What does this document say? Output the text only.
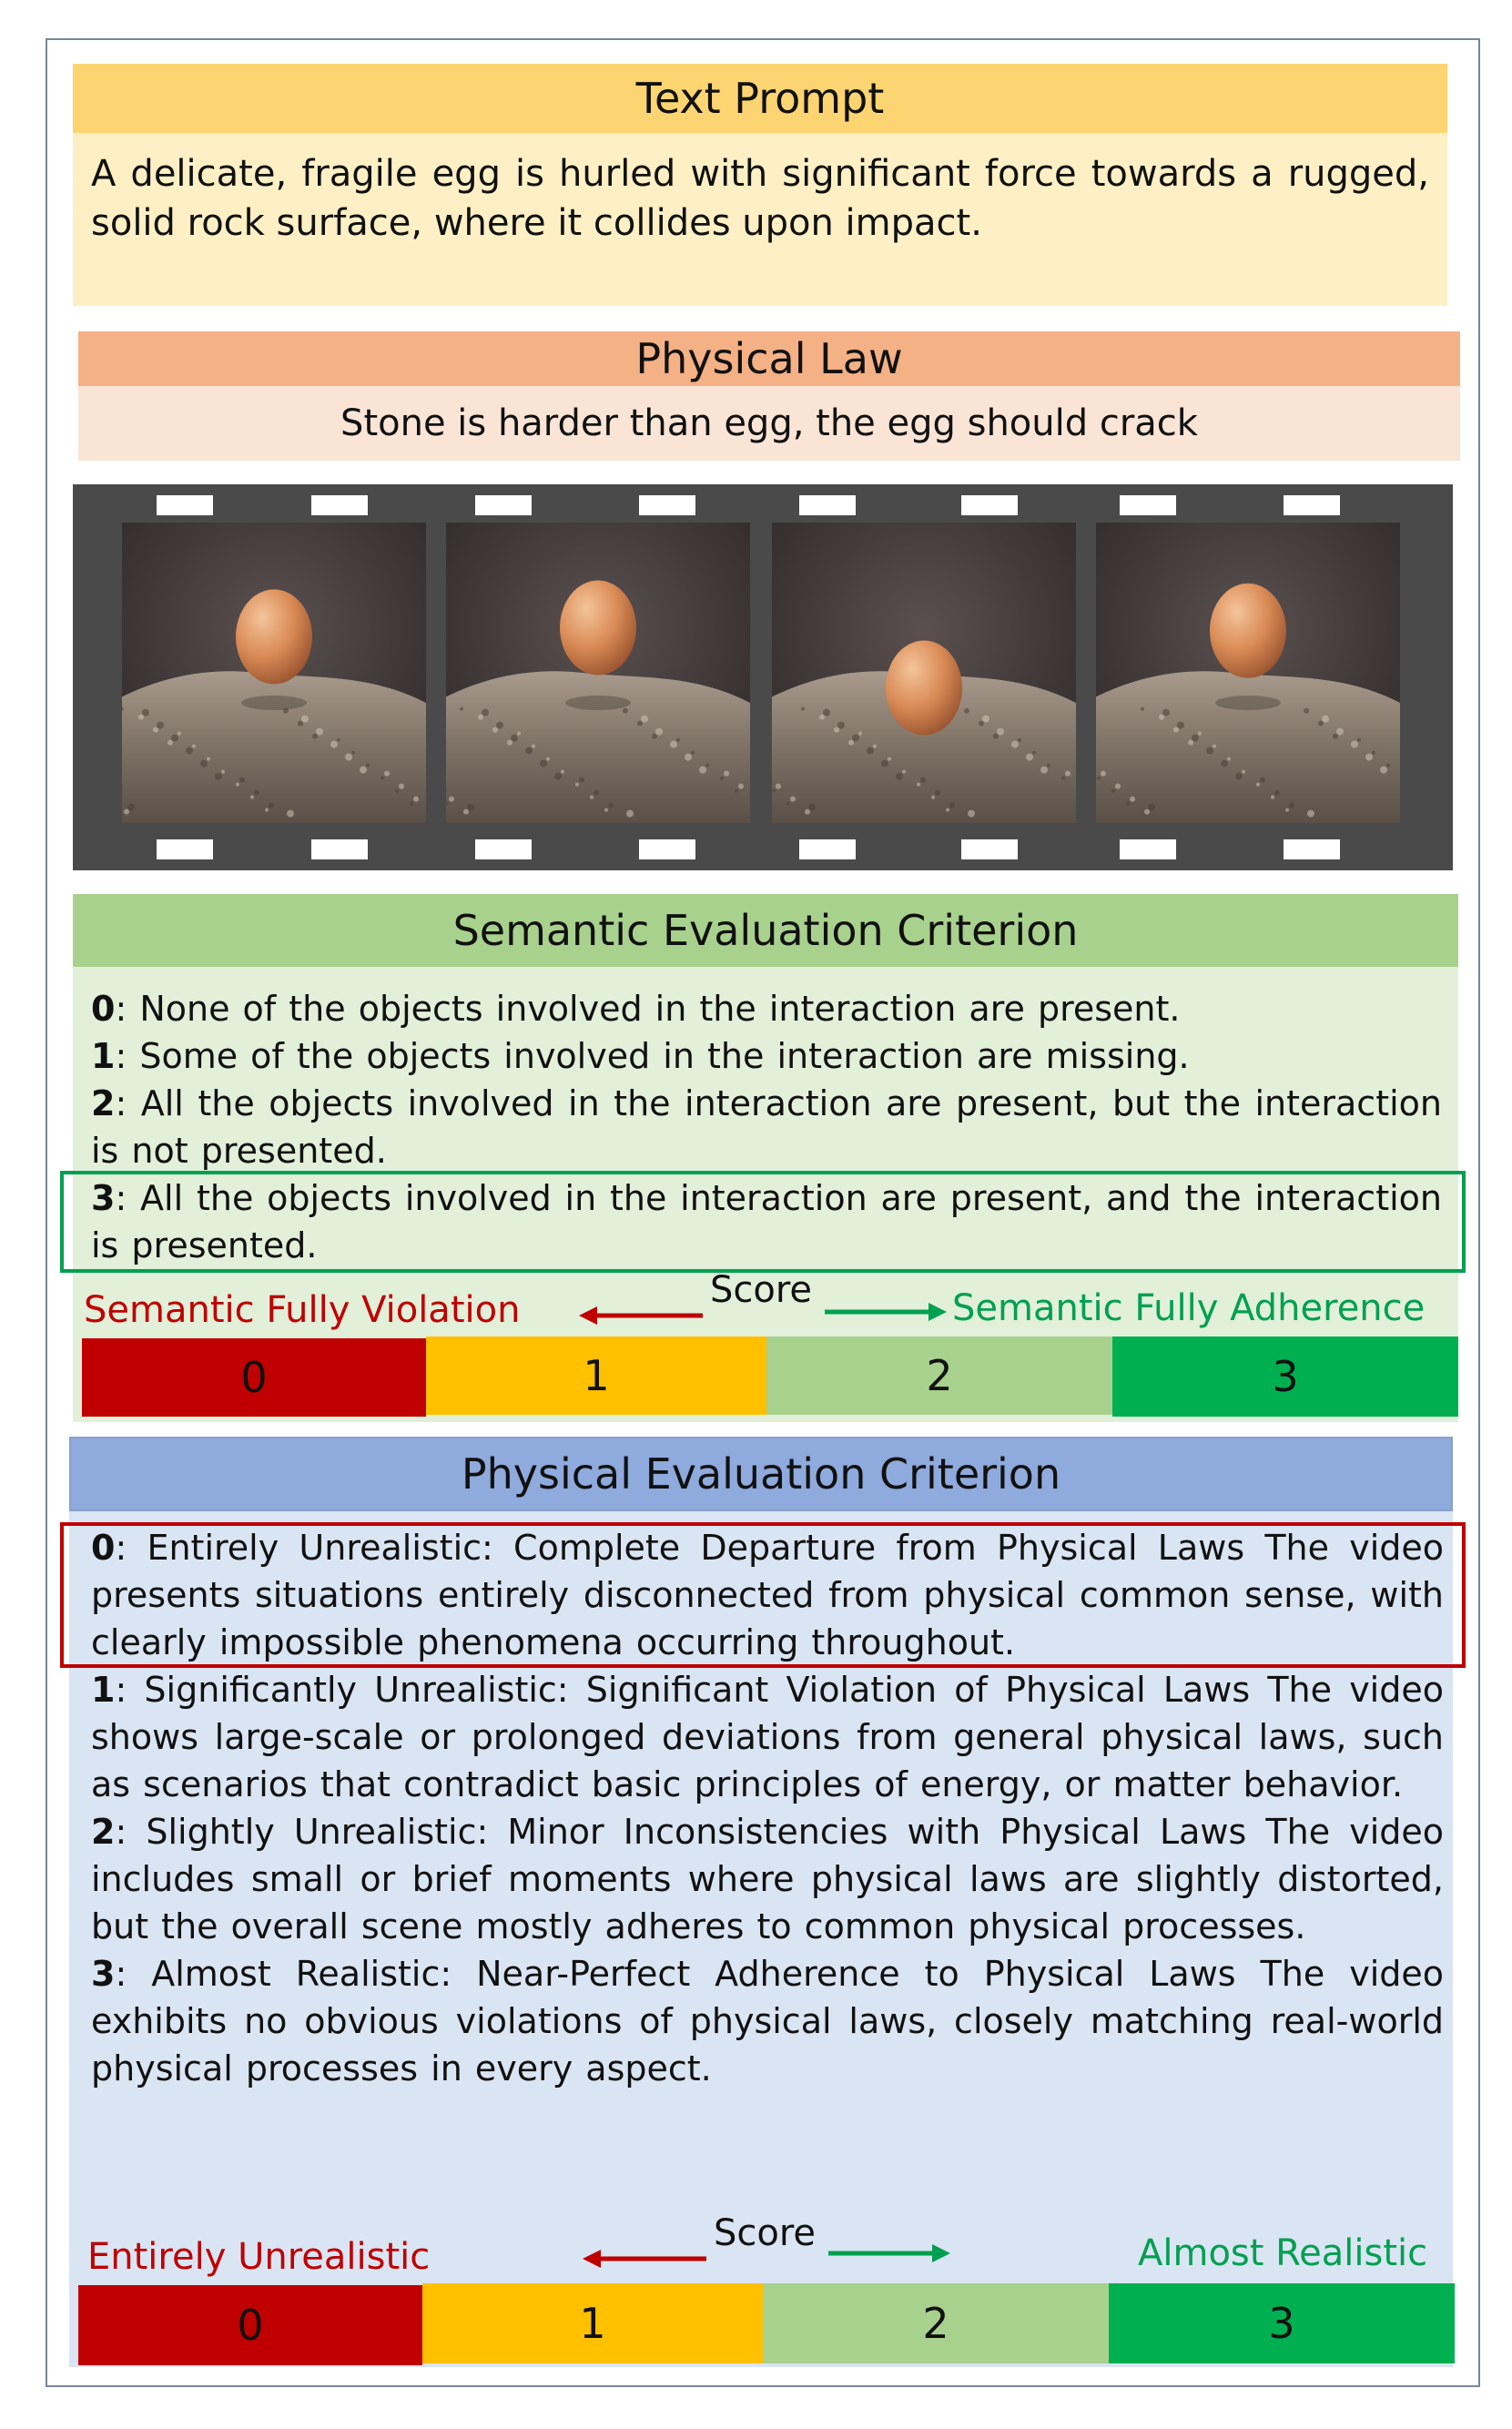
Text Prompt
A delicate, fragile egg is hurled with significant force towards a rugged, solid rock surface, where it collides upon impact.
Physical Law
Stone is harder than egg, the egg should crack
Semantic Evaluation Criterion

0: None of the objects involved in the interaction are present.

1: Some of the objects involved in the interaction are missing.

2: All the objects involved in the interaction are present, but the interaction is not presented.

3: All the objects involved in the interaction are present, and the interaction is presented.

Semantic Fully Violation	Score	Semantic Fully Adherence
0	1	2	3
Physical Evaluation Criterion

0: Entirely Unrealistic: Complete Departure from Physical Laws The video presents situations entirely disconnected from physical common sense, with clearly impossible phenomena occurring throughout.

1: Significantly Unrealistic: Significant Violation of Physical Laws The video shows large-scale or prolonged deviations from general physical laws, such as scenarios that contradict basic principles of energy, or matter behavior.

2: Slightly Unrealistic: Minor Inconsistencies with Physical Laws The video includes small or brief moments where physical laws are slightly distorted, but the overall scene mostly adheres to common physical processes.

3: Almost Realistic: Near-Perfect Adherence to Physical Laws The video exhibits no obvious violations of physical laws, closely matching real-world physical processes in every aspect.

Entirely Unrealistic
Score	Almost Realistic
0	1	2	3
